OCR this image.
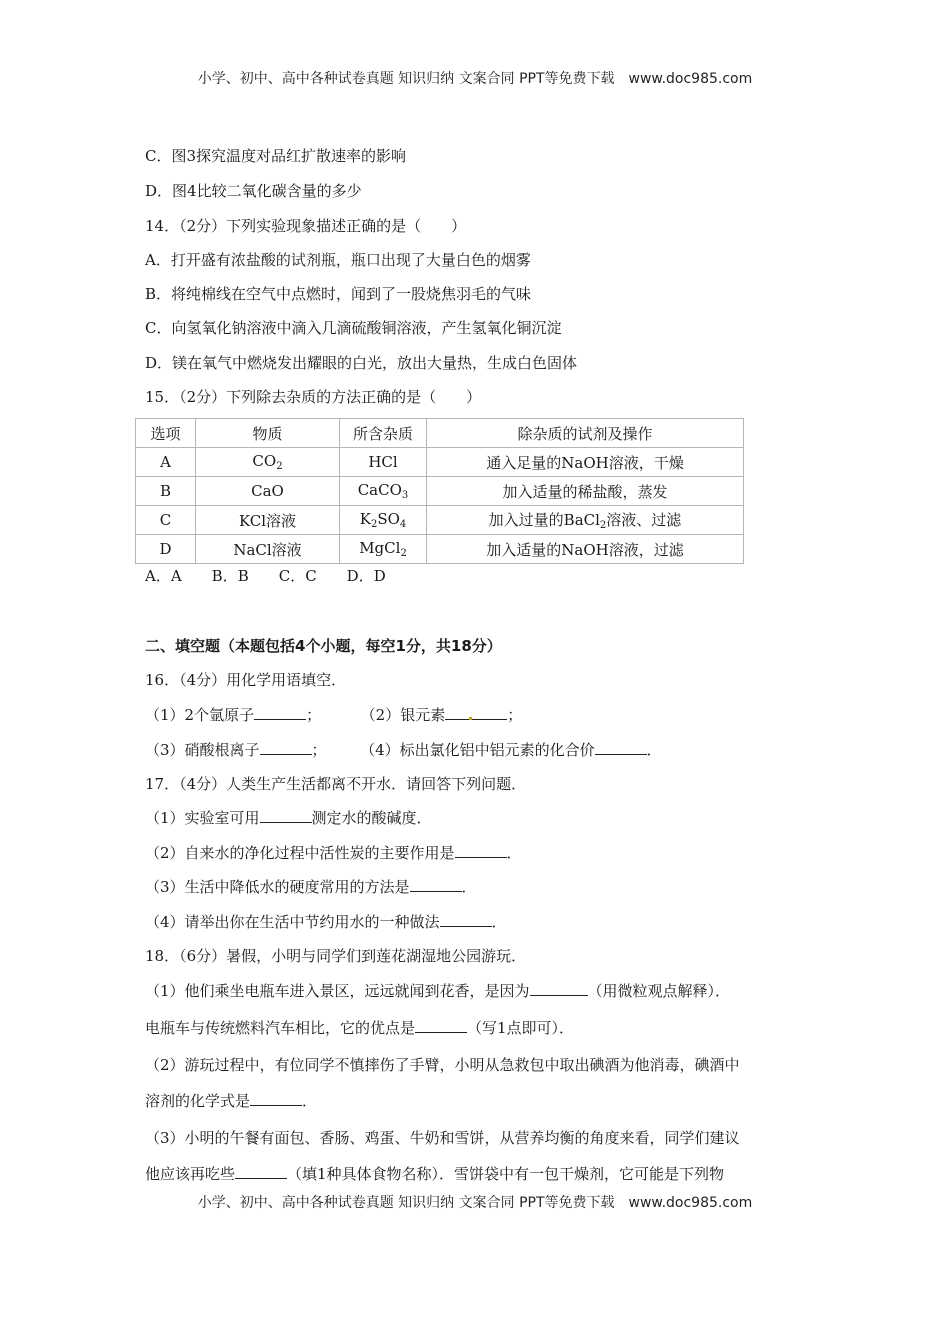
小学、初中、高中各种试卷真题 知识归纳 文案合同 PPT等免费下载　www.doc985.com
C．图3探究温度对品红扩散速率的影响
D．图4比较二氧化碳含量的多少
14．（2分）下列实验现象描述正确的是（　　）
A．打开盛有浓盐酸的试剂瓶，瓶口出现了大量白色的烟雾
B．将纯棉线在空气中点燃时，闻到了一股烧焦羽毛的气味
C．向氢氧化钠溶液中滴入几滴硫酸铜溶液，产生氢氧化铜沉淀
D．镁在氧气中燃烧发出耀眼的白光，放出大量热，生成白色固体
15．（2分）下列除去杂质的方法正确的是（　　）
选项	物质	所含杂质	除杂质的试剂及操作
A	$CO_2$	HCl	通入足量的NaOH溶液，干燥
B	CaO	CaCO$_3$	加入适量的稀盐酸，蒸发
C	KCl溶液	$K_2SO_4$	加入过量的BaCl$_2$溶液、过滤
D	NaCl溶液	MgCl$_2$	加入适量的NaOH溶液，过滤
A．A　　B．B　　C．C　　D．D
二、填空题（本题包括4个小题，每空1分，共18分）
16．（4分）用化学用语填空．
（1）2个氩原子	；	（2）银元素	；
（3）硝酸根离子	； （4）标出氯化铝中铝元素的化合价	．
17．（4分）人类生产生活都离不开水．请回答下列问题．
（1）实验室可用	测定水的酸碱度．
（2）自来水的净化过程中活性炭的主要作用是	．
（3）生活中降低水的硬度常用的方法是	．
（4）请举出你在生活中节约用水的一种做法	．
18．（6分）暑假，小明与同学们到莲花湖湿地公园游玩．
（1）他们乘坐电瓶车进入景区，远远就闻到花香，是因为	（用微粒观点解释）．
电瓶车与传统燃料汽车相比，它的优点是	（写1点即可）．
（2）游玩过程中，有位同学不慎摔伤了手臂，小明从急救包中取出碘酒为他消毒，碘酒中
溶剂的化学式是	．
（3）小明的午餐有面包、香肠、鸡蛋、牛奶和雪饼，从营养均衡的角度来看，同学们建议
他应该再吃些	（填1种具体食物名称）．雪饼袋中有一包干燥剂，它可能是下列物
小学、初中、高中各种试卷真题 知识归纳 文案合同 PPT等免费下载　www.doc985.com
